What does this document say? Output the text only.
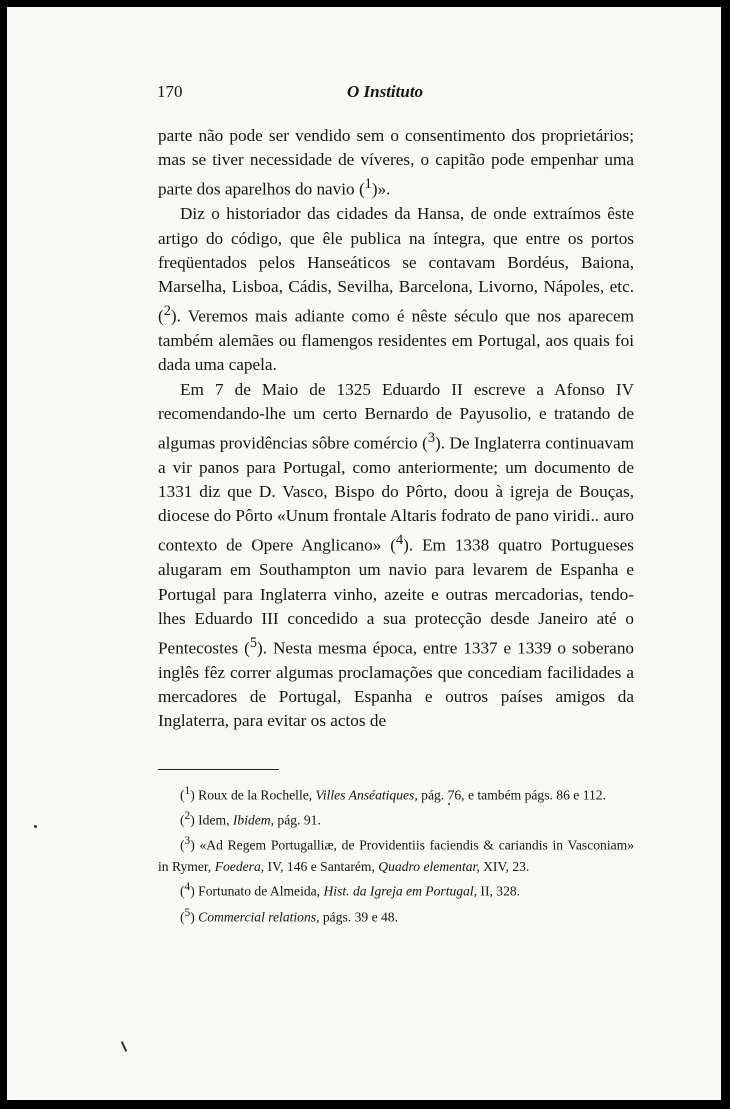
170	O Instituto

parte não pode ser vendido sem o consentimento dos proprietários; mas se tiver necessidade de víveres, o capitão pode empenhar uma parte dos aparelhos do navio ($^1$)».

Diz o historiador das cidades da Hansa, de onde extraímos êste artigo do código, que êle publica na íntegra, que entre os portos freqüentados pelos Hanseáticos se contavam Bordéus, Baiona, Marselha, Lisboa, Cádis, Sevilha, Barcelona, Livorno, Nápoles, etc. ($^2$). Veremos mais adiante como é nêste século que nos aparecem também alemães ou flamengos residentes em Portugal, aos quais foi dada uma capela.

Em 7 de Maio de 1325 Eduardo II escreve a Afonso IV recomendando-lhe um certo Bernardo de Payusolio, e tratando de algumas providências sôbre comércio ($^3$). De Inglaterra continuavam a vir panos para Portugal, como anteriormente; um documento de 1331 diz que D. Vasco, Bispo do Pôrto, doou à igreja de Bouças, diocese do Pôrto «Unum frontale Altaris fodrato de pano viridi.. auro contexto de Opere Anglicano» ($^4$). Em 1338 quatro Portugueses alugaram em Southampton um navio para levarem de Espanha e Portugal para Inglaterra vinho, azeite e outras mercadorias, tendo-lhes Eduardo III concedido a sua protecção desde Janeiro até o Pentecostes ($^5$). Nesta mesma época, entre 1337 e 1339 o soberano inglês fêz correr algumas proclamações que concediam facilidades a mercadores de Portugal, Espanha e outros países amigos da Inglaterra, para evitar os actos de

($^1$) Roux de la Rochelle, Villes Anséatiques, pág. 76, e também págs. 86 e 112.

($^2$) Idem, Ibidem, pág. 91.

($^3$) «Ad Regem Portugalliæ, de Providentiis faciendis & cariandis in Vasconiam» in Rymer, Foedera, IV, 146 e Santarém, Quadro elementar, XIV, 23.

($^4$) Fortunato de Almeida, Hist. da Igreja em Portugal, II, 328.

($^5$) Commercial relations, págs. 39 e 48.
